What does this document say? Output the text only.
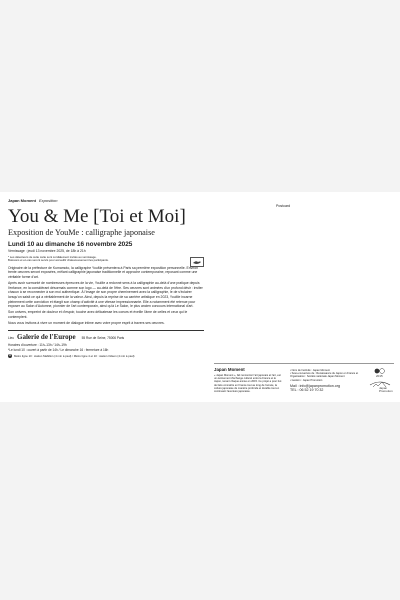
Japan Moment Exposition
You & Me [Toi et Moi]
Exposition de YouMe : calligraphe japonaise
Lundi 10 au dimanche 16 novembre 2025
Vernissage : jeudi 13 novembre 2025, de 18h à 21h
* Les détenteurs de cette carte sont cordialement invités au vernissage.
Boissons et en-cas seront servis pour accueillir chaleureusement les participants.
Originaire de la préfecture de Kumamoto, la calligraphe YouMe présentera à Paris sa première exposition personnelle. Environ trente oeuvres seront exposées, mêlant calligraphie japonaise traditionnelle et approche contemporaine, reposant comme une véritable forme d'art.
Après avoir surmonté de nombreuses épreuves de la vie, YouMe a redonné sens à la calligraphie au-delà d'une pratique depuis l'enfance, en la considérant désormais comme son logo — au-delà de l'être. Ses oeuvres sont animées d'un profond désir : inviter chacun à se reconnecter à son moi authentique. À l'image de son propre cheminement avec la calligraphie, le de s'éclairer lorsqu'on saisit ce qui a véritablement de la valeur. Ainsi, depuis la reprise de sa carrière artistique en 2023, YouMe incarne pleinement cette conviction et élargit son champ d'activité à une vitesse impressionnante. Elle a notamment été retenue pour exposer au Salon d'Automne, pionnier de l'art contemporain, ainsi qu'à Le Salon, le plus ancien concours international d'art.
Son univers, empreint de douleur et d'espoir, touche avec délicatesse les coeurs et éveille l'âme de celles et ceux qui le contemplent.
Nous vous invitons à vivre un moment de dialogue intime avec votre propre esprit à travers ses oeuvres.
Lieu Galerie de l'Europe 55 Rue de Seine, 75006 Paris
Horaires d'ouverture : 11h–13h / 14h–19h
*Le lundi 10 : ouvert à partir de 14h / Le dimanche 16 : fermeture à 16h
M	Métro ligne 10 : station Mabillon (4 min à pied) / Métro ligne 4 et 10 : station Odéon (4 min à pied)
Postcard
Japan Moment
« Japan Moment », fait rencontrer l'art japonais et l'art, est un événement d'échange culturel entre la France et le Japon, tenant chaque année en 2015. Ce projet a pour but de faire connaître en France tout au long de l'année, la culture japonaise de manière profonde et durable tout en continuant l'aventure japonaise.
• Nom de l'activité : Japan Moment
• Sous-couverture de : Renaissance du Japon en France et Organisation : Société nationale Japan Moment
• Gestion : Japan Promotion
Mail : info@japanpromotion.org
TEL : 06 52 19 70 32
2015
Japan
Promotion
